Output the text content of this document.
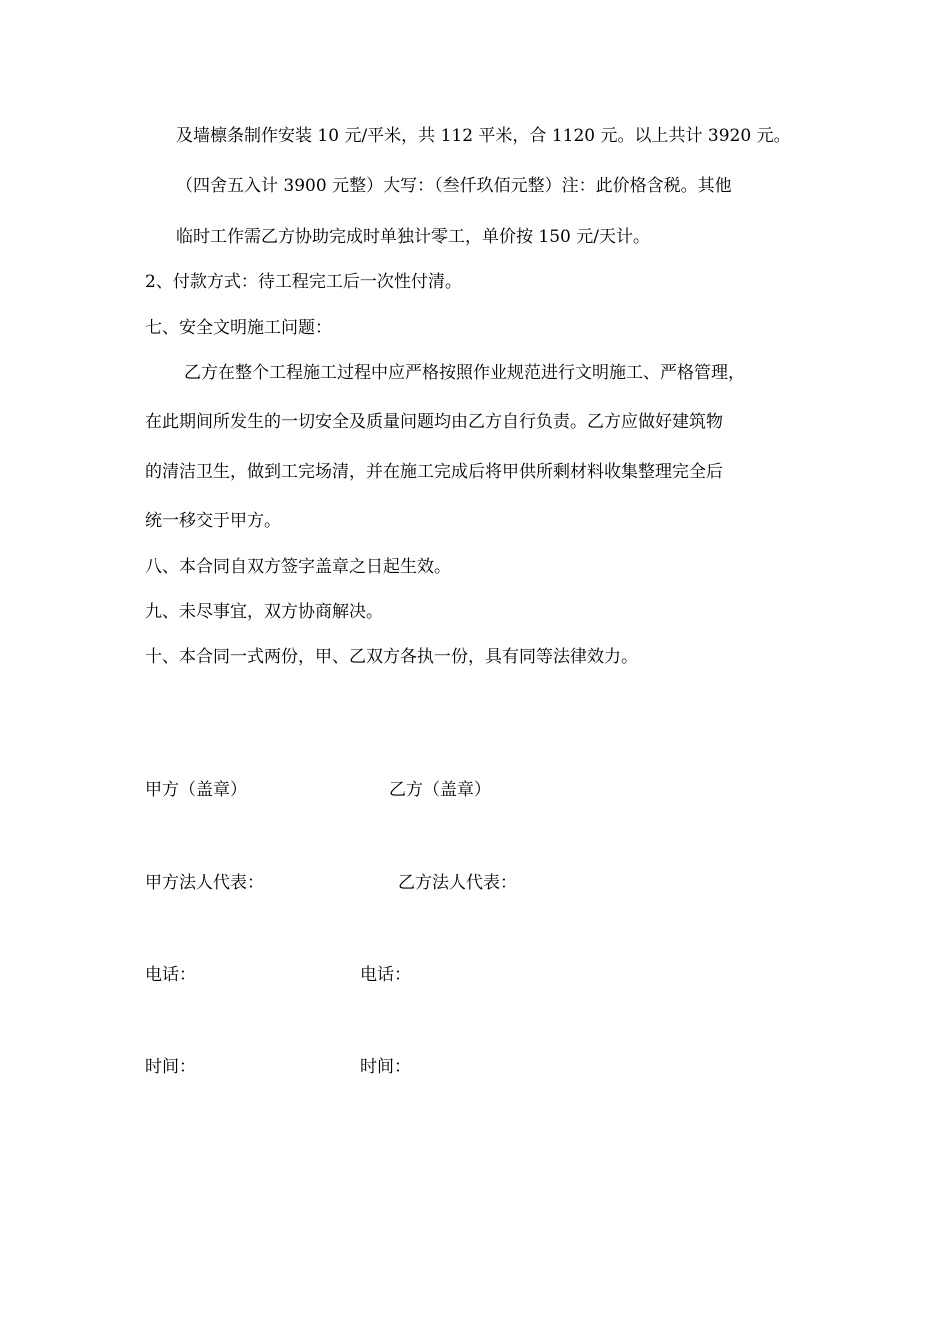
及墙檩条制作安装 10 元/平米，共 112 平米，合 1120 元。以上共计 3920 元。
（四舍五入计 3900 元整）大写：（叁仟玖佰元整）注：此价格含税。其他
临时工作需乙方协助完成时单独计零工，单价按 150 元/天计。
2、付款方式：待工程完工后一次性付清。
七、安全文明施工问题：
乙方在整个工程施工过程中应严格按照作业规范进行文明施工、严格管理，
在此期间所发生的一切安全及质量问题均由乙方自行负责。乙方应做好建筑物
的清洁卫生，做到工完场清，并在施工完成后将甲供所剩材料收集整理完全后
统一移交于甲方。
八、本合同自双方签字盖章之日起生效。
九、未尽事宜，双方协商解决。
十、本合同一式两份，甲、乙双方各执一份，具有同等法律效力。
甲方（盖章）	乙方（盖章）
甲方法人代表：	乙方法人代表：
电话：	电话：
时间：	时间：
